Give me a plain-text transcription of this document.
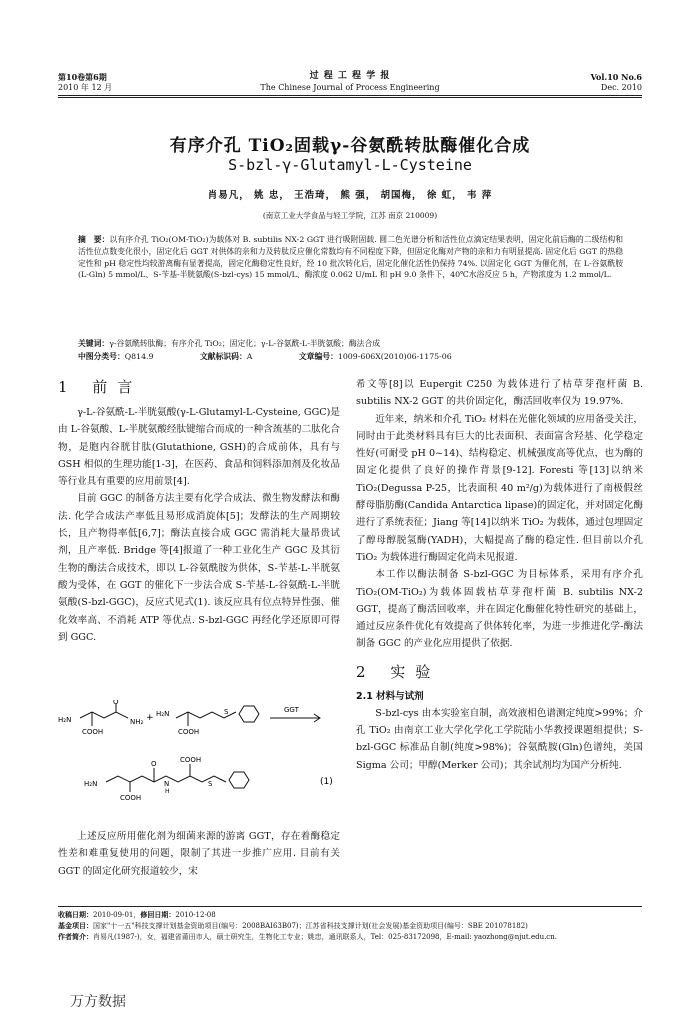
第10卷第6期
2010 年 12 月
过 程 工 程 学 报
The Chinese Journal of Process Engineering
Vol.10 No.6
Dec. 2010
有序介孔 TiO₂固载γ-谷氨酰转肽酶催化合成
S-bzl-γ-Glutamyl-L-Cysteine
肖易凡， 姚 忠， 王浩琦， 熊 强， 胡国梅， 徐 虹， 韦 萍
(南京工业大学食品与轻工学院，江苏 南京 210009)
摘　要：以有序介孔 TiO₂(OM-TiO₂)为载体对 B. subtilis NX-2 GGT 进行吸附固载. 圆二色光谱分析和活性位点滴定结果表明，固定化前后酶的二级结构和活性位点数变化很小，固定化后 GGT 对供体的亲和力及转肽反应催化常数均有不同程度下降，但固定化酶对产物的亲和力有明显提高. 固定化后 GGT 的热稳定性和 pH 稳定性均较游离酶有显著提高，固定化酶稳定性良好，经 10 批次转化后，固定化催化活性仍保持 74%. 以固定化 GGT 为催化剂，在 L-谷氨酰胺(L-Gln) 5 mmol/L、S-苄基-半胱氨酸(S-bzl-cys) 15 mmol/L、酶浓度 0.062 U/mL 和 pH 9.0 条件下，40℃水浴反应 5 h，产物浓度为 1.2 mmol/L.
关键词：γ-谷氨酰转肽酶；有序介孔 TiO₂；固定化；γ-L-谷氨酰-L-半胱氨酸；酶法合成
中图分类号：Q814.9	文献标识码：A	文章编号：1009-606X(2010)06-1175-06
1 前言

γ-L-谷氨酰-L-半胱氨酸(γ-L-Glutamyl-L-Cysteine, GGC)是由 L-谷氨酸、L-半胱氨酸经肽键缩合而成的一种含巯基的二肽化合物，是胞内谷胱甘肽(Glutathione, GSH)的合成前体，具有与 GSH 相似的生理功能[1-3]，在医药、食品和饲料添加剂及化妆品等行业具有重要的应用前景[4].

目前 GGC 的制备方法主要有化学合成法、微生物发酵法和酶法. 化学合成法产率低且易形成消旋体[5]；发酵法的生产周期较长，且产物得率低[6,7]；酶法直接合成 GGC 需消耗大量昂贵试剂，且产率低. Bridge 等[4]报道了一种工业化生产 GGC 及其衍生物的酶法合成技术，即以 L-谷氨酰胺为供体，S-苄基-L-半胱氨酸为受体，在 GGT 的催化下一步法合成 S-苄基-L-谷氨酰-L-半胱氨酸(S-bzl-GGC)，反应式见式(1). 该反应具有位点特异性强、催化效率高、不消耗 ATP 等优点. S-bzl-GGC 再经化学还原即可得到 GGC.

H₂N	NH₂
COOH
O
+ H₂N
COOH
S	GGT
H₂N
COOH
O
N
H
COOH
S	(1)

上述反应所用催化剂为细菌来源的游离 GGT，存在着酶稳定性差和难重复使用的问题，限制了其进一步推广应用. 目前有关 GGT 的固定化研究报道较少，宋

希文等[8]以 Eupergit C250 为载体进行了枯草芽孢杆菌 B. subtilis NX-2 GGT 的共价固定化，酶活回收率仅为 19.97%.

近年来，纳米和介孔 TiO₂ 材料在光催化领域的应用备受关注，同时由于此类材料具有巨大的比表面积、表面富含羟基、化学稳定性好(可耐受 pH 0~14)、结构稳定、机械强度高等优点，也为酶的固定化提供了良好的操作背景[9-12]. Foresti 等[13]以纳米 TiO₂(Degussa P-25，比表面积 40 m²/g)为载体进行了南极假丝酵母脂肪酶(Candida Antarctica lipase)的固定化，并对固定化酶进行了系统表征；Jiang 等[14]以纳米 TiO₂ 为载体，通过包埋固定了醇母醇脱氢酶(YADH)，大幅提高了酶的稳定性. 但目前以介孔 TiO₂ 为载体进行酶固定化尚未见报道.

本工作以酶法制备 S-bzl-GGC 为目标体系，采用有序介孔 TiO₂(OM-TiO₂)为载体固载枯草芽孢杆菌 B. subtilis NX-2 GGT，提高了酶活回收率，并在固定化酶催化特性研究的基础上，通过反应条件优化有效提高了供体转化率，为进一步推进化学-酶法制备 GGC 的产业化应用提供了依据.

2 实验
2.1 材料与试剂

S-bzl-cys 由本实验室自制，高效液相色谱测定纯度>99%；介孔 TiO₂ 由南京工业大学化学化工学院陆小华教授课题组提供；S-bzl-GGC 标准品自制(纯度>98%)；谷氨酰胺(Gln)色谱纯，美国 Sigma 公司；甲醇(Merker 公司)；其余试剂均为国产分析纯.

收稿日期：2010-09-01，修回日期：2010-12-08
基金项目：国家"十一五"科技支撑计划基金资助项目(编号：2008BAI63B07)；江苏省科技支撑计划(社会发展)基金资助项目(编号：SBE 201078182)
作者简介：肖易凡(1987-)，女，福建省莆田市人，硕士研究生，生物化工专业；姚忠，通讯联系人，Tel：025-83172098，E-mail: yaozhong@njut.edu.cn.
万方数据
